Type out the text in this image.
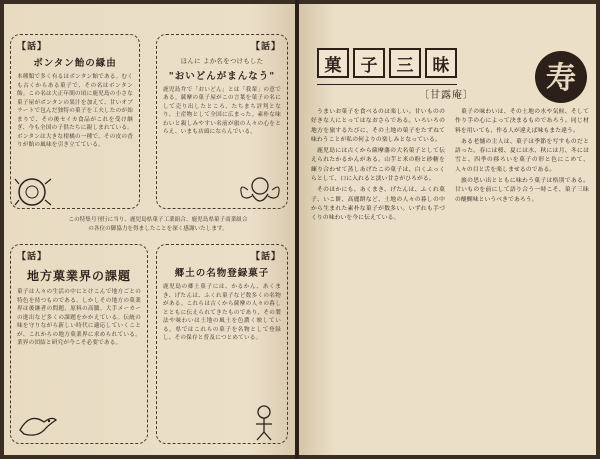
【話】
ボンタン飴の縁由
本種類で多く有るはボンタン飴である。むくも古くからある菓子で、その名はボンタン飴。この名は大正年間の頃に鹿児島の小さな菓子屋がボンタンの果汁を加えて、甘いオブラートで包んだ独特の菓子を工夫したのが始まりで、その後セイカ食品がこれを受け継ぎ、今も全国の子供たちに親しまれている。ボンタンは大きな柑橘の一種で、その皮の香りが飴の風味を引き立てている。
【話】
ほんに よか名をつけもした
"おいどんがまんなう"
鹿児島弁で「おいどん」とは「我輩」の意である。薩摩の菓子屋がこの言葉を菓子の名にして売り出したところ、たちまち評判となり、土産物として全国に広まった。素朴な味わいと親しみやすい名前が旅の人々の心をとらえ、いまも店頭にならんでいる。
この特集号刊行に当り、鹿児島県菓子工業組合、鹿児島県菓子商業組合の各位の御協力を得ましたことを深く感謝いたします。
【話】
地方菓業界の課題
菓子は人々の生活の中にとけこんで地方ごとの特色を持つものである。しかしその地方の菓業界は後継者の問題、原料の高騰、大手メーカーの進出など多くの課題をかかえている。伝統の味を守りながら新しい時代に適応していくことが、これからの地方菓業界に求められている。業界の団結と研究が今こそ必要である。
【話】
郷土の名物登録菓子
鹿児島の郷土菓子には、かるかん、あくまき、げたんは、ふくれ菓子など数多くの名物がある。これらは古くから薩摩の人々の暮しとともに伝えられてきたものであり、その製法や味わいは土地の風土を色濃く映している。県ではこれらの菓子を名物として登録し、その保存と普及につとめている。
菓	子	三	昧
〔甘露庵〕 寿

うまいお菓子を食べるのは楽しい。甘いものの好きな人にとってはなおさらである。いろいろの地方を旅するたびに、その土地の菓子をたずねて味わうことが私の何よりの楽しみとなっている。

鹿児島には古くから薩摩藩の大名菓子として伝えられたかるかんがある。山芋と米の粉と砂糖を練り合わせて蒸しあげたこの菓子は、白くふっくらとして、口に入れると淡い甘さがひろがる。

そのほかにも、あくまき、げたんは、ふくれ菓子、いこ餅、高麗餅など、土地の人々の暮しの中から生まれた素朴な菓子が数多い。いずれも手づくりの味わいを今に伝えている。

菓子の味わいは、その土地の水や気候、そして作り手の心によって決まるものであろう。同じ材料を用いても、作る人が違えば味もまた違う。

ある老舗の主人は、菓子は季節を写すものだと語った。春には桜、夏には水、秋には月、冬には雪と、四季の移ろいを菓子の形と色にこめて、人々の目と舌を楽しませるのである。

旅の思い出とともに味わう菓子は格別である。甘いものを前にして語り合う一時こそ、菓子三昧の醍醐味というべきであろう。
